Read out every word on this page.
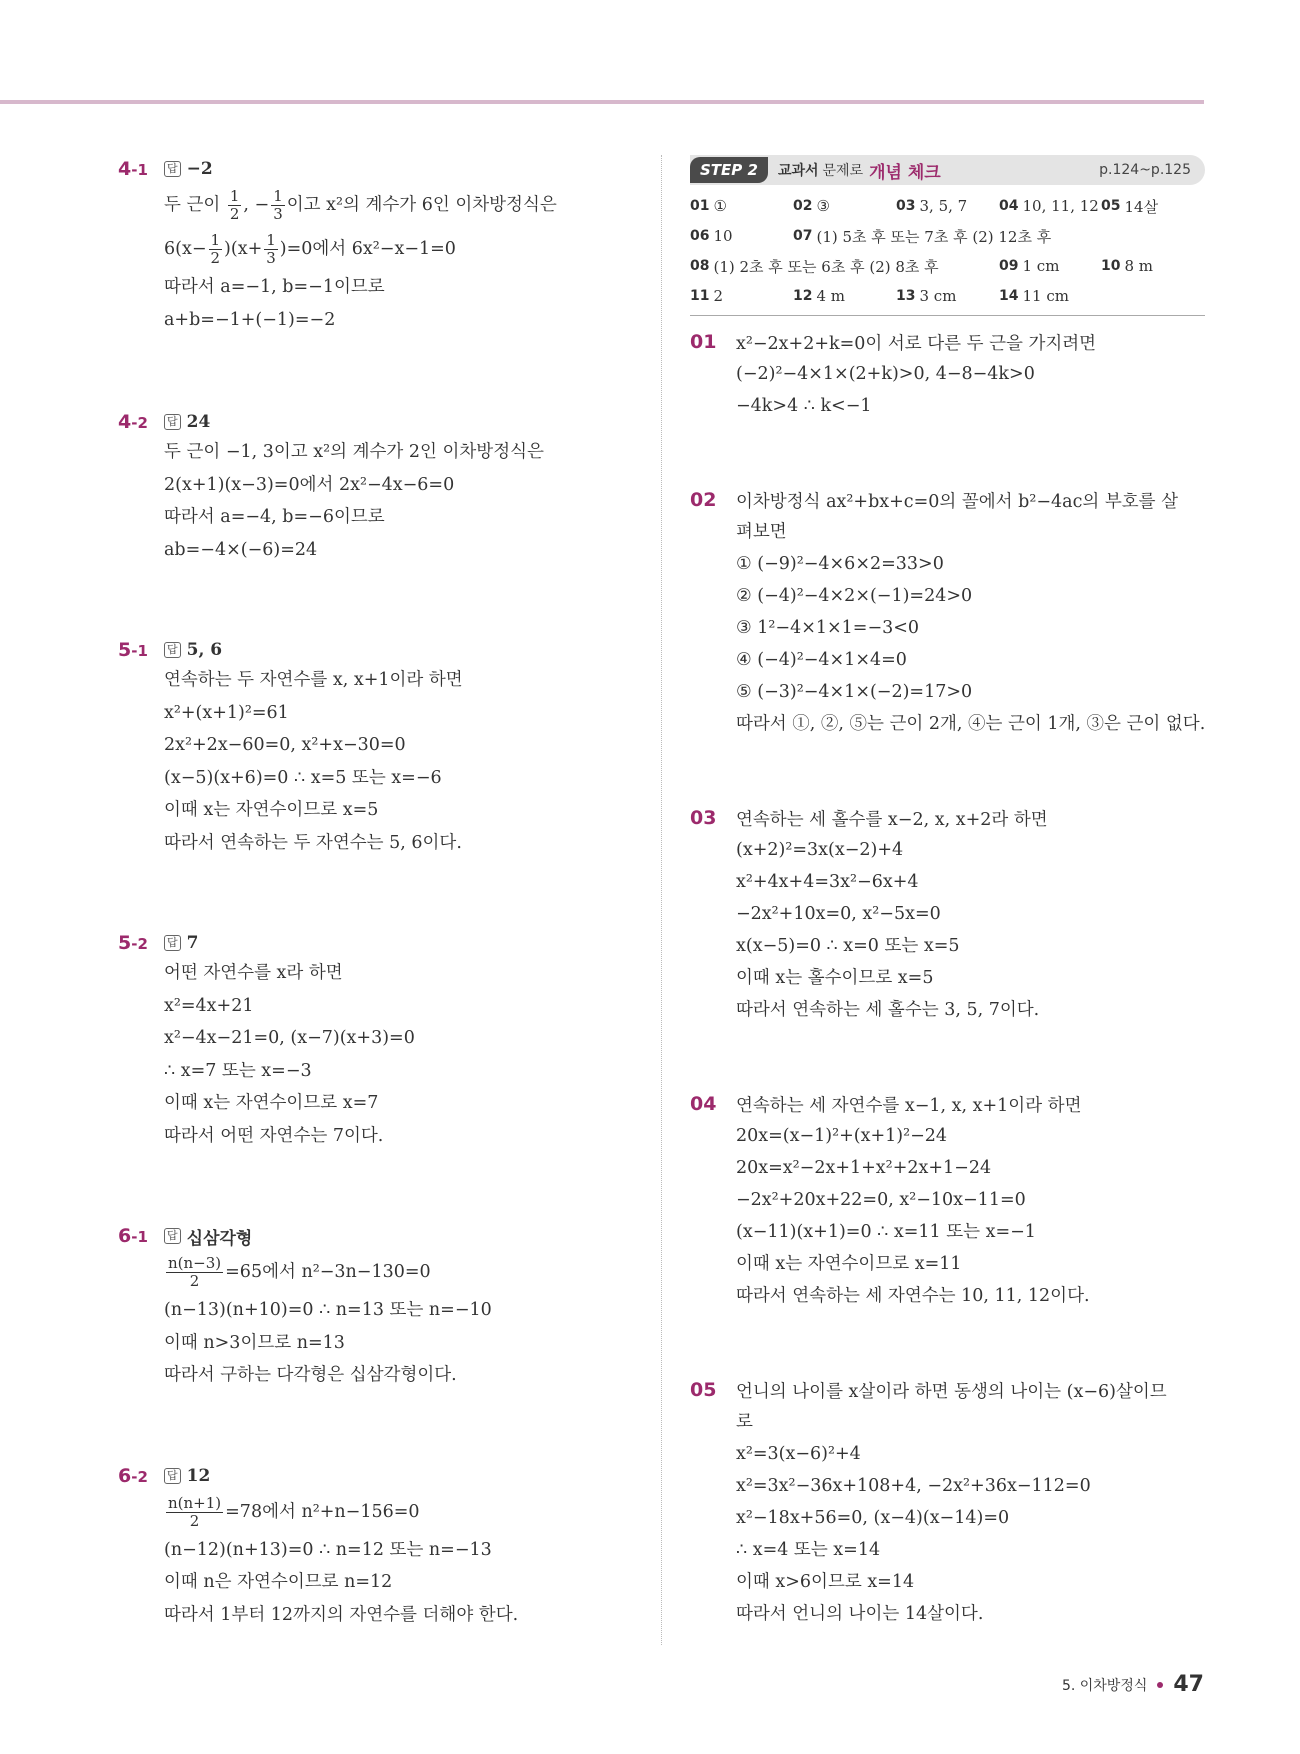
4-1	답 −2
두 근이 $\frac{1}{2}$ , − $\frac{1}{3}$ 이고 x²의 계수가 6인 이차방정식은
$6(x- \frac{1}{2} )(x+ \frac{1}{3} )=0$에서 6x²−x−1=0
따라서 a=−1, b=−1이므로
a+b=−1+(−1)=−2
4-2	답 24
두 근이 −1, 3이고 x²의 계수가 2인 이차방정식은
2(x+1)(x−3)=0에서 2x²−4x−6=0
따라서 a=−4, b=−6이므로
ab=−4×(−6)=24
5-1	답 5, 6
연속하는 두 자연수를 x, x+1이라 하면
x²+(x+1)²=61
2x²+2x−60=0, x²+x−30=0
(x−5)(x+6)=0 ∴ x=5 또는 x=−6
이때 x는 자연수이므로 x=5
따라서 연속하는 두 자연수는 5, 6이다.
5-2	답 7
어떤 자연수를 x라 하면
x²=4x+21
x²−4x−21=0, (x−7)(x+3)=0
∴ x=7 또는 x=−3
이때 x는 자연수이므로 x=7
따라서 어떤 자연수는 7이다.
6-1	답 십삼각형
$\frac{n(n-3)}{2} =65$에서 n²−3n−130=0
(n−13)(n+10)=0 ∴ n=13 또는 n=−10
이때 n>3이므로 n=13
따라서 구하는 다각형은 십삼각형이다.
6-2	답 12
$\frac{n(n+1)}{2} =78$에서 n²+n−156=0
(n−12)(n+13)=0 ∴ n=12 또는 n=−13
이때 n은 자연수이므로 n=12
따라서 1부터 12까지의 자연수를 더해야 한다.
STEP 2	교과서 문제로 개념 체크	p.124~p.125
01 ①	02 ③	03 3, 5, 7 04 10, 11, 12 05 14살
06 10	07 (1) 5초 후 또는 7초 후 (2) 12초 후
08 (1) 2초 후 또는 6초 후 (2) 8초 후	09 1 cm	10 8 m
11 2	12 4 m	13 3 cm	14 11 cm
01	x²−2x+2+k=0이 서로 다른 두 근을 가지려면
(−2)²−4×1×(2+k)>0, 4−8−4k>0
−4k>4 ∴ k<−1
02	이차방정식 ax²+bx+c=0의 꼴에서 b²−4ac의 부호를 살
펴보면
① (−9)²−4×6×2=33>0
② (−4)²−4×2×(−1)=24>0
③ 1²−4×1×1=−3<0
④ (−4)²−4×1×4=0
⑤ (−3)²−4×1×(−2)=17>0
따라서 ①, ②, ⑤는 근이 2개, ④는 근이 1개, ③은 근이 없다.
03	연속하는 세 홀수를 x−2, x, x+2라 하면
(x+2)²=3x(x−2)+4
x²+4x+4=3x²−6x+4
−2x²+10x=0, x²−5x=0
x(x−5)=0 ∴ x=0 또는 x=5
이때 x는 홀수이므로 x=5
따라서 연속하는 세 홀수는 3, 5, 7이다.
04	연속하는 세 자연수를 x−1, x, x+1이라 하면
20x=(x−1)²+(x+1)²−24
20x=x²−2x+1+x²+2x+1−24
−2x²+20x+22=0, x²−10x−11=0
(x−11)(x+1)=0 ∴ x=11 또는 x=−1
이때 x는 자연수이므로 x=11
따라서 연속하는 세 자연수는 10, 11, 12이다.
05	언니의 나이를 x살이라 하면 동생의 나이는 (x−6)살이므
로
x²=3(x−6)²+4
x²=3x²−36x+108+4, −2x²+36x−112=0
x²−18x+56=0, (x−4)(x−14)=0
∴ x=4 또는 x=14
이때 x>6이므로 x=14
따라서 언니의 나이는 14살이다.
5. 이차방정식 47
